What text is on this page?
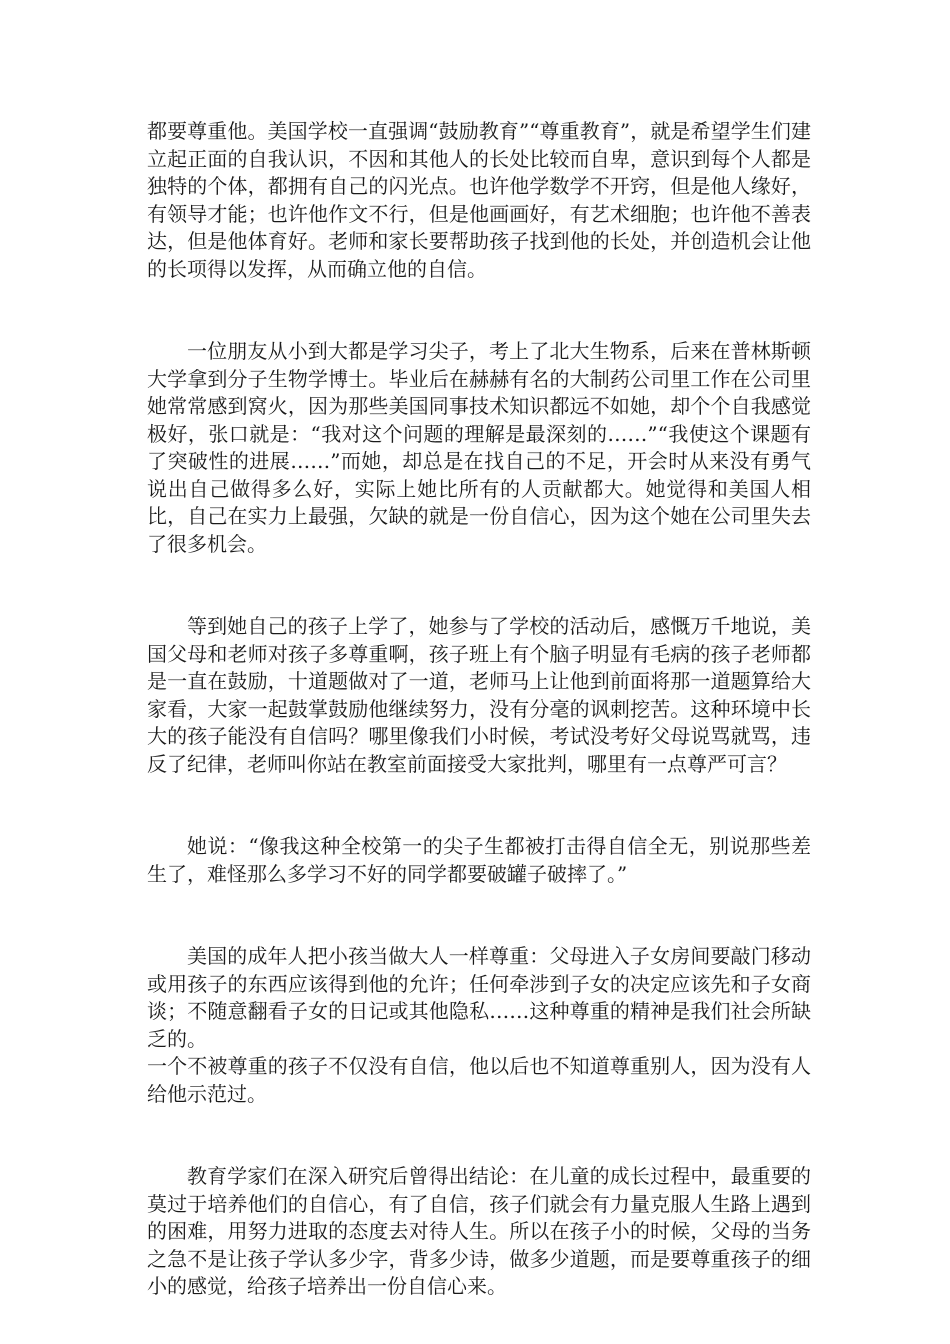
都要尊重他。美国学校一直强调“鼓励教育”“尊重教育”，就是希望学生们建立起正面的自我认识，不因和其他人的长处比较而自卑，意识到每个人都是独特的个体，都拥有自己的闪光点。也许他学数学不开窍，但是他人缘好，有领导才能；也许他作文不行，但是他画画好，有艺术细胞；也许他不善表达，但是他体育好。老师和家长要帮助孩子找到他的长处，并创造机会让他的长项得以发挥，从而确立他的自信。

一位朋友从小到大都是学习尖子，考上了北大生物系，后来在普林斯顿大学拿到分子生物学博士。毕业后在赫赫有名的大制药公司里工作在公司里她常常感到窝火，因为那些美国同事技术知识都远不如她，却个个自我感觉极好，张口就是：“我对这个问题的理解是最深刻的……”“我使这个课题有了突破性的进展……”而她，却总是在找自己的不足，开会时从来没有勇气说出自己做得多么好，实际上她比所有的人贡献都大。她觉得和美国人相比，自己在实力上最强，欠缺的就是一份自信心，因为这个她在公司里失去了很多机会。

等到她自己的孩子上学了，她参与了学校的活动后，感慨万千地说，美国父母和老师对孩子多尊重啊，孩子班上有个脑子明显有毛病的孩子老师都是一直在鼓励，十道题做对了一道，老师马上让他到前面将那一道题算给大家看，大家一起鼓掌鼓励他继续努力，没有分毫的讽刺挖苦。这种环境中长大的孩子能没有自信吗？哪里像我们小时候，考试没考好父母说骂就骂，违反了纪律，老师叫你站在教室前面接受大家批判，哪里有一点尊严可言？

她说：“像我这种全校第一的尖子生都被打击得自信全无，别说那些差生了，难怪那么多学习不好的同学都要破罐子破摔了。”

美国的成年人把小孩当做大人一样尊重：父母进入子女房间要敲门移动或用孩子的东西应该得到他的允许；任何牵涉到子女的决定应该先和子女商谈；不随意翻看子女的日记或其他隐私……这种尊重的精神是我们社会所缺乏的。

一个不被尊重的孩子不仅没有自信，他以后也不知道尊重别人，因为没有人给他示范过。

教育学家们在深入研究后曾得出结论：在儿童的成长过程中，最重要的莫过于培养他们的自信心，有了自信，孩子们就会有力量克服人生路上遇到的困难，用努力进取的态度去对待人生。所以在孩子小的时候，父母的当务之急不是让孩子学认多少字，背多少诗，做多少道题，而是要尊重孩子的细小的感觉，给孩子培养出一份自信心来。
